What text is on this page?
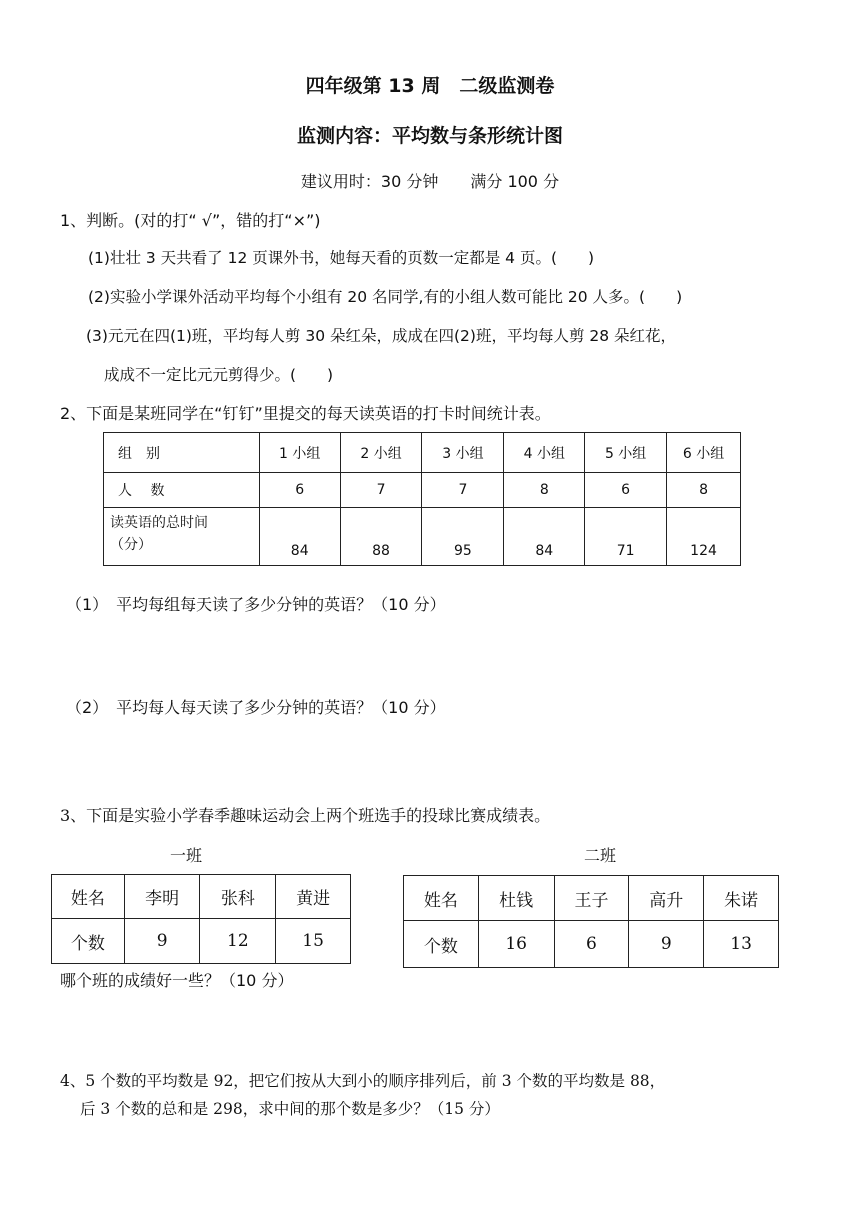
四年级第 13 周　二级监测卷
监测内容：平均数与条形统计图
建议用时：30 分钟　　满分 100 分
1、判断。(对的打“ √”，错的打“×”)
(1)壮壮 3 天共看了 12 页课外书，她每天看的页数一定都是 4 页。(　　)
(2)实验小学课外活动平均每个小组有 20 名同学,有的小组人数可能比 20 人多。(　　)
(3)元元在四(1)班，平均每人剪 30 朵红朵，成成在四(2)班，平均每人剪 28 朵红花，
成成不一定比元元剪得少。(　　)
2、下面是某班同学在“钉钉”里提交的每天读英语的打卡时间统计表。
组　别	1 小组	2 小组	3 小组	4 小组	5 小组	6 小组
人　 数	6	7	7	8	6	8

读英语的总时间
（分）	84	88	95	84	71	124
（1）　平均每组每天读了多少分钟的英语？（10 分）
（2）　平均每人每天读了多少分钟的英语？（10 分）
3、下面是实验小学春季趣味运动会上两个班选手的投球比赛成绩表。
一班	二班
姓名	李明	张科	黄进
个数	9	12	15
姓名	杜钱	王子	高升	朱诺
个数	16	6	9	13
哪个班的成绩好一些？（10 分）
4、5 个数的平均数是 92，把它们按从大到小的顺序排列后，前 3 个数的平均数是 88，
后 3 个数的总和是 298，求中间的那个数是多少？（15 分）
